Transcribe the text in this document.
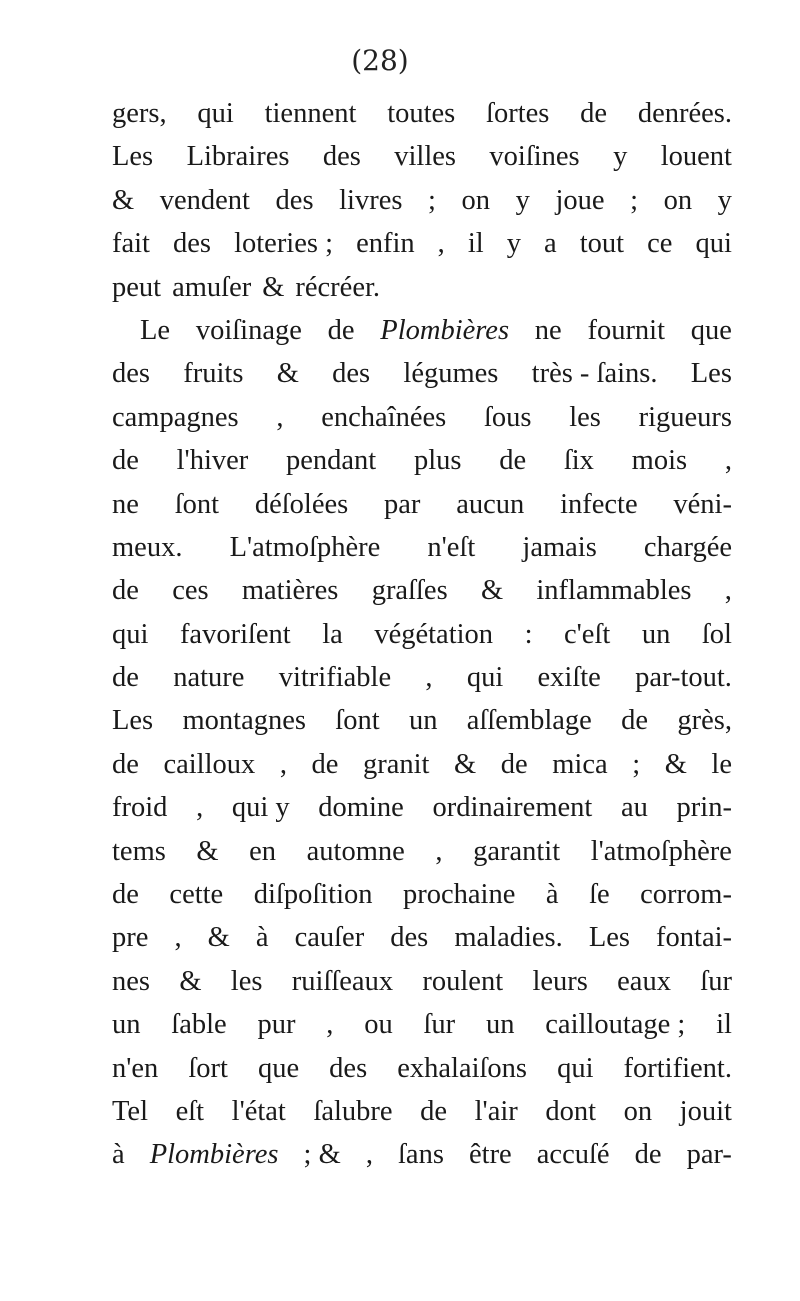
(28)
gers, qui tiennent toutes ſortes de denrées.
Les Libraires des villes voiſines y louent
& vendent des livres ; on y joue ; on y
fait des loteries ; enfin , il y a tout ce qui
peut amuſer & récréer.
Le voiſinage de Plombières ne fournit que
des fruits & des légumes très - ſains. Les
campagnes , enchaînées ſous les rigueurs
de l'hiver pendant plus de ſix mois ,
ne ſont déſolées par aucun infecte véni-
meux. L'atmoſphère n'eſt jamais chargée
de ces matières graſſes & inflammables ,
qui favoriſent la végétation : c'eſt un ſol
de nature vitrifiable , qui exiſte par-tout.
Les montagnes ſont un aſſemblage de grès,
de cailloux , de granit & de mica ; & le
froid , qui y domine ordinairement au prin-
tems & en automne , garantit l'atmoſphère
de cette diſpoſition prochaine à ſe corrom-
pre , & à cauſer des maladies. Les fontai-
nes & les ruiſſeaux roulent leurs eaux ſur
un ſable pur , ou ſur un cailloutage ; il
n'en ſort que des exhalaiſons qui fortifient.
Tel eſt l'état ſalubre de l'air dont on jouit
à Plombières ; & , ſans être accuſé de par-
